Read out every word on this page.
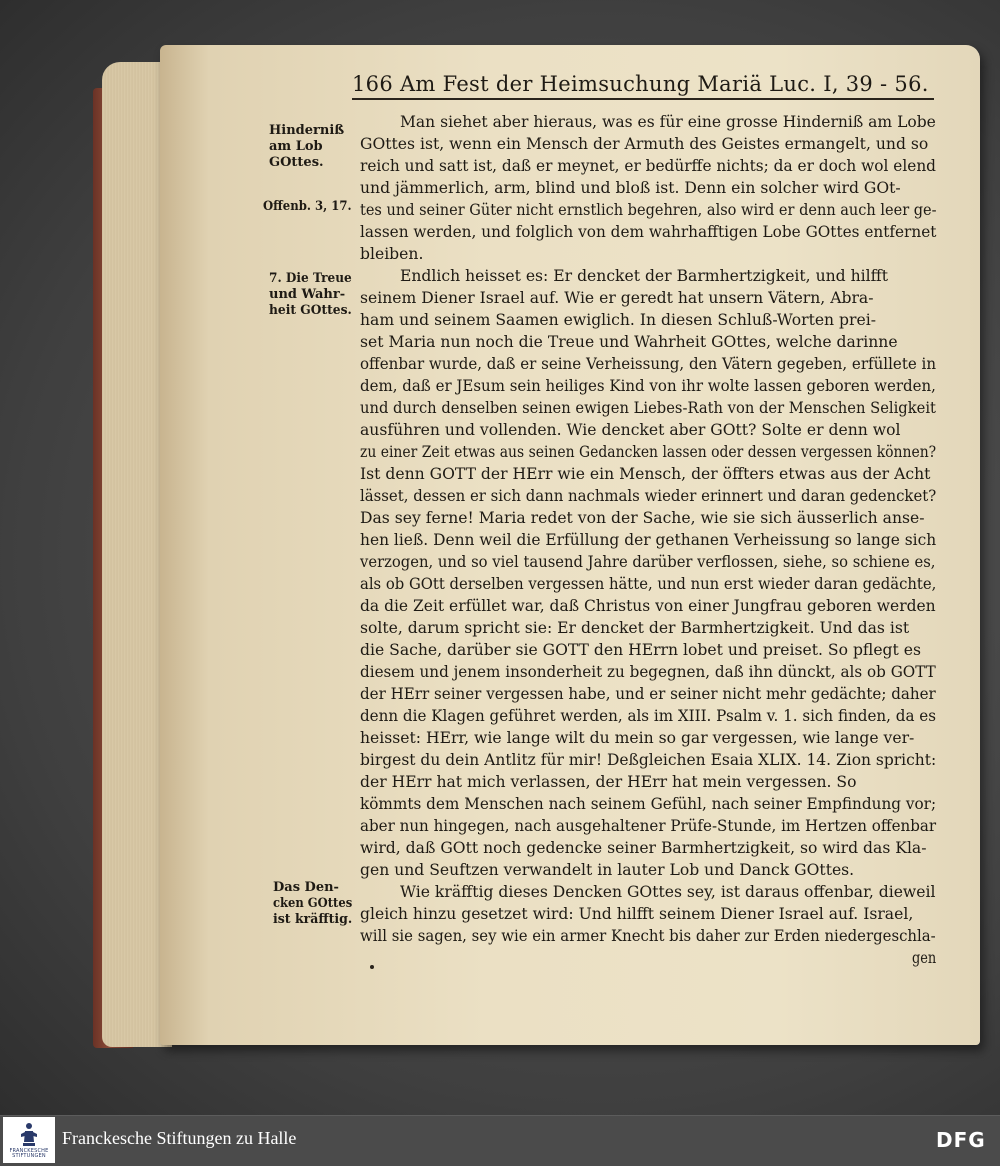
166 Am Fest der Heimsuchung Mariä Luc. I, 39 - 56.
Hinderniß
am Lob
GOttes.
Offenb. 3, 17.
7. Die Treue
und Wahr-
heit GOttes.
Das Den-
cken GOttes
ist kräfftig.
Man siehet aber hieraus, was es für eine grosse Hinderniß am Lobe
GOttes ist, wenn ein Mensch der Armuth des Geistes ermangelt, und so
reich und satt ist, daß er meynet, er bedürffe nichts; da er doch wol elend
und jämmerlich, arm, blind und bloß ist. Denn ein solcher wird GOt-
tes und seiner Güter nicht ernstlich begehren, also wird er denn auch leer ge-
lassen werden, und folglich von dem wahrhafftigen Lobe GOttes entfernet
bleiben.
Endlich heisset es: Er dencket der Barmhertzigkeit, und hilfft
seinem Diener Israel auf. Wie er geredt hat unsern Vätern, Abra-
ham und seinem Saamen ewiglich. In diesen Schluß-Worten prei-
set Maria nun noch die Treue und Wahrheit GOttes, welche darinne
offenbar wurde, daß er seine Verheissung, den Vätern gegeben, erfüllete in
dem, daß er JEsum sein heiliges Kind von ihr wolte lassen geboren werden,
und durch denselben seinen ewigen Liebes-Rath von der Menschen Seligkeit
ausführen und vollenden. Wie dencket aber GOtt? Solte er denn wol
zu einer Zeit etwas aus seinen Gedancken lassen oder dessen vergessen können?
Ist denn GOTT der HErr wie ein Mensch, der öffters etwas aus der Acht
lässet, dessen er sich dann nachmals wieder erinnert und daran gedencket?
Das sey ferne! Maria redet von der Sache, wie sie sich äusserlich anse-
hen ließ. Denn weil die Erfüllung der gethanen Verheissung so lange sich
verzogen, und so viel tausend Jahre darüber verflossen, siehe, so schiene es,
als ob GOtt derselben vergessen hätte, und nun erst wieder daran gedächte,
da die Zeit erfüllet war, daß Christus von einer Jungfrau geboren werden
solte, darum spricht sie: Er dencket der Barmhertzigkeit. Und das ist
die Sache, darüber sie GOTT den HErrn lobet und preiset. So pflegt es
diesem und jenem insonderheit zu begegnen, daß ihn dünckt, als ob GOTT
der HErr seiner vergessen habe, und er seiner nicht mehr gedächte; daher
denn die Klagen geführet werden, als im XIII. Psalm v. 1. sich finden, da es
heisset: HErr, wie lange wilt du mein so gar vergessen, wie lange ver-
birgest du dein Antlitz für mir! Deßgleichen Esaia XLIX. 14. Zion spricht:
der HErr hat mich verlassen, der HErr hat mein vergessen. So
kömmts dem Menschen nach seinem Gefühl, nach seiner Empfindung vor;
aber nun hingegen, nach ausgehaltener Prüfe-Stunde, im Hertzen offenbar
wird, daß GOtt noch gedencke seiner Barmhertzigkeit, so wird das Kla-
gen und Seuftzen verwandelt in lauter Lob und Danck GOttes.
Wie kräfftig dieses Dencken GOttes sey, ist daraus offenbar, dieweil
gleich hinzu gesetzet wird: Und hilfft seinem Diener Israel auf. Israel,
will sie sagen, sey wie ein armer Knecht bis daher zur Erden niedergeschla-
gen
FRANCKESCHE
STIFTUNGEN
Franckesche Stiftungen zu Halle	DFG
